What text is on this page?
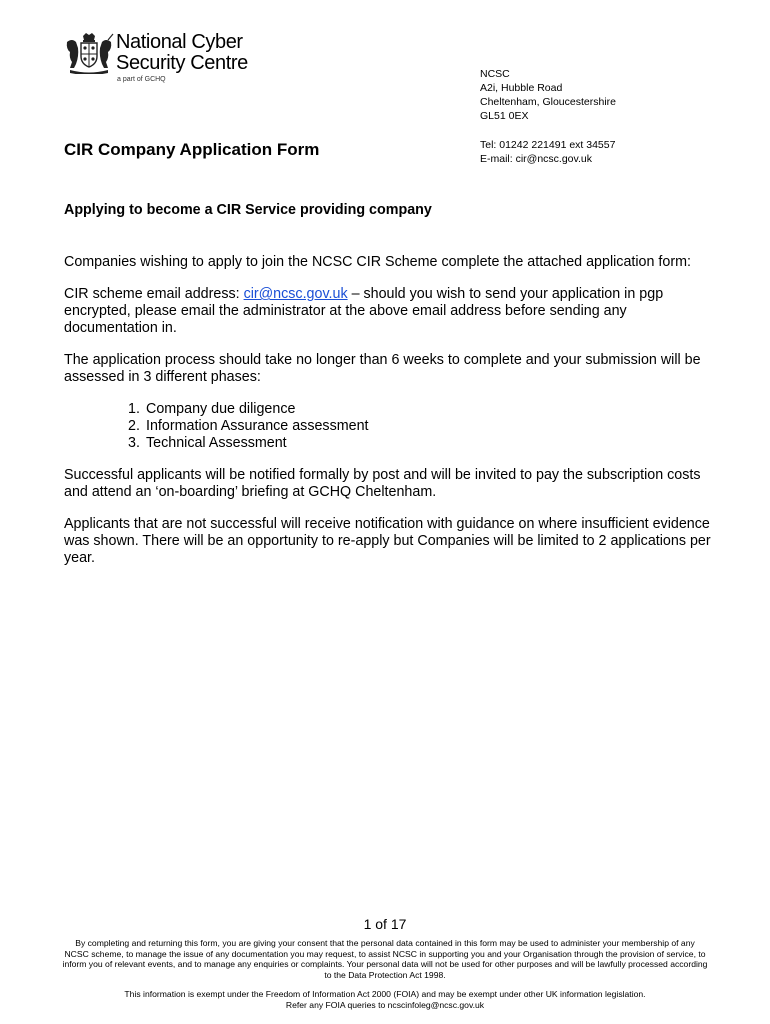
National Cyber
Security Centre
a part of GCHQ	NCSC
A2i, Hubble Road
Cheltenham, Gloucestershire
GL51 0EX
Tel: 01242 221491 ext 34557
E-mail: cir@ncsc.gov.uk
CIR Company Application Form
Applying to become a CIR Service providing company

Companies wishing to apply to join the NCSC CIR Scheme complete the attached application form:

CIR scheme email address: cir@ncsc.gov.uk – should you wish to send your application in pgp encrypted, please email the administrator at the above email address before sending any documentation in.

The application process should take no longer than 6 weeks to complete and your submission will be assessed in 3 different phases:

1. Company due diligence
2. Information Assurance assessment
3. Technical Assessment

Successful applicants will be notified formally by post and will be invited to pay the subscription costs and attend an ‘on-boarding’ briefing at GCHQ Cheltenham.

Applicants that are not successful will receive notification with guidance on where insufficient evidence was shown. There will be an opportunity to re-apply but Companies will be limited to 2 applications per year.

1 of 17

By completing and returning this form, you are giving your consent that the personal data contained in this form may be used to administer your membership of any NCSC scheme, to manage the issue of any documentation you may request, to assist NCSC in supporting you and your Organisation through the provision of service, to inform you of relevant events, and to manage any enquiries or complaints. Your personal data will not be used for other purposes and will be lawfully processed according to the Data Protection Act 1998.

This information is exempt under the Freedom of Information Act 2000 (FOIA) and may be exempt under other UK information legislation.
Refer any FOIA queries to ncscinfoleg@ncsc.gov.uk
